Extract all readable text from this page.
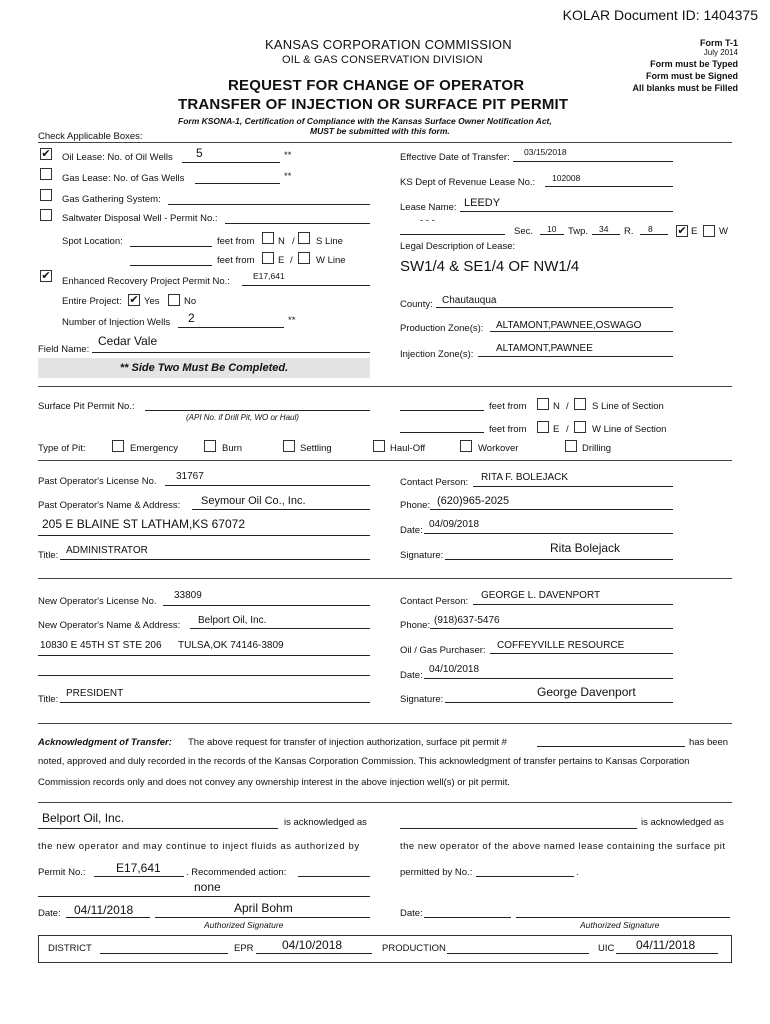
KOLAR Document ID: 1404375
KANSAS CORPORATION COMMISSION
OIL & GAS CONSERVATION DIVISION
REQUEST FOR CHANGE OF OPERATOR
TRANSFER OF INJECTION OR SURFACE PIT PERMIT
Form T-1
July 2014
Form must be Typed
Form must be Signed
All blanks must be Filled
Form KSONA-1, Certification of Compliance with the Kansas Surface Owner Notification Act,
MUST be submitted with this form.
Check Applicable Boxes:
✔ Oil Lease: No. of Oil Wells 5	**
Gas Lease: No. of Gas Wells	**
Gas Gathering System:
Saltwater Disposal Well - Permit No.:
Spot Location:	feet from N / S Line
feet from E / W Line
✔ Enhanced Recovery Project Permit No.:	E17,641
Entire Project: ✔ Yes	No
Number of Injection Wells 2	**
Field Name:
Cedar Vale
** Side Two Must Be Completed.
Effective Date of Transfer: 03/15/2018
KS Dept of Revenue Lease No.: 102008
Lease Name: LEEDY
- - -
Sec. 10 Twp. 34 R. 8 ✔ E W
Legal Description of Lease:
SW1/4 & SE1/4 OF NW1/4
County: Chautauqua
Production Zone(s): ALTAMONT,PAWNEE,OSWAGO
Injection Zone(s):
ALTAMONT,PAWNEE
Surface Pit Permit No.:
(API No. if Drill Pit, WO or Haul)
feet from	N / S Line of Section
feet from	E / W Line of Section
Type of Pit:	Emergency	Burn	Settling	Haul-Off	Workover	Drilling
Past Operator's License No. 31767
Past Operator's Name & Address: Seymour Oil Co., Inc.
205 E BLAINE ST LATHAM,KS 67072
Title: ADMINISTRATOR
Contact Person: RITA F. BOLEJACK
Phone: (620)965-2025
Date:
04/09/2018
Signature:
Rita Bolejack
New Operator's License No.
33809
New Operator's Name & Address: Belport Oil, Inc.
10830 E 45TH ST STE 206 TULSA,OK 74146-3809
Title:
PRESIDENT
Contact Person:
GEORGE L. DAVENPORT
Phone: (918)637-5476
Oil / Gas Purchaser: COFFEYVILLE RESOURCE
Date:
04/10/2018
Signature:
George Davenport
Acknowledgment of Transfer: The above request for transfer of injection authorization, surface pit permit #	has been
noted, approved and duly recorded in the records of the Kansas Corporation Commission. This acknowledgment of transfer pertains to Kansas Corporation
Commission records only and does not convey any ownership interest in the above injection well(s) or pit permit.
Belport Oil, Inc.	is acknowledged as	is acknowledged as
the new operator and may continue to inject fluids as authorized by	the new operator of the above named lease containing the surface pit
Permit No.:	E17,641	. Recommended action:
none
permitted by No.:	.
Date: 04/11/2018	April Bohm
Authorized Signature
Date:
Authorized Signature
DISTRICT	EPR 04/10/2018	PRODUCTION	UIC 04/11/2018
